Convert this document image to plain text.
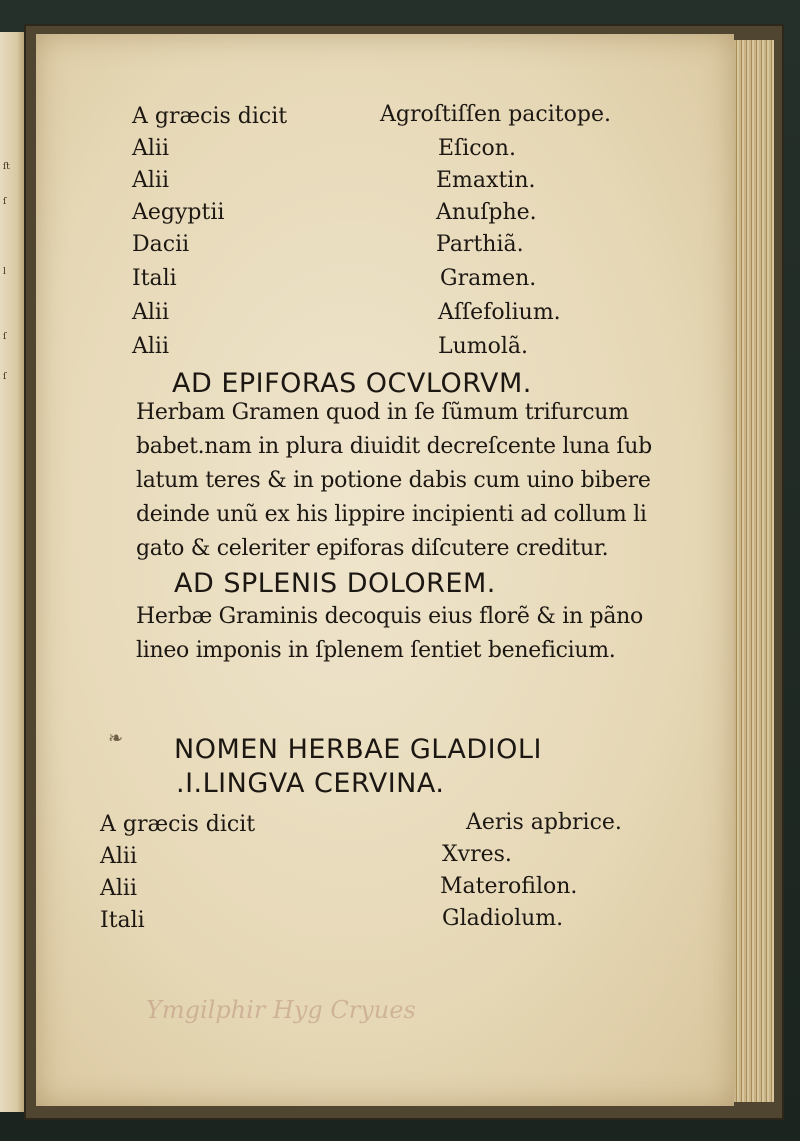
ﬅ
ſ
l
ſ
ſ
A græcis dicit
Alii
Alii
Aegyptii
Dacii
Itali
Alii
Alii
Agroſtiſſen pacitope.
Eſicon.
Emaxtin.
Anuſphe.
Parthiã.
Gramen.
Aſſefolium.
Lumolã.
AD EPIFORAS OCVLORVM.
Herbam Gramen quod in ſe ſũmum trifurcum
babet.nam in plura diuidit decreſcente luna ſub
latum teres & in potione dabis cum uino bibere
deinde unũ ex his lippire incipienti ad collum li
gato & celeriter epiforas diſcutere creditur.
AD SPLENIS DOLOREM.
Herbæ Graminis decoquis eius florẽ & in pãno
lineo imponis in ſplenem ſentiet beneficium.
❧ NOMEN HERBAE GLADIOLI
.I.LINGVA CERVINA.
A græcis dicit
Alii
Alii
Itali
Aeris apbrice.
Xvres.
Materofilon.
Gladiolum.
Ymgilphir Hyg Cryues
